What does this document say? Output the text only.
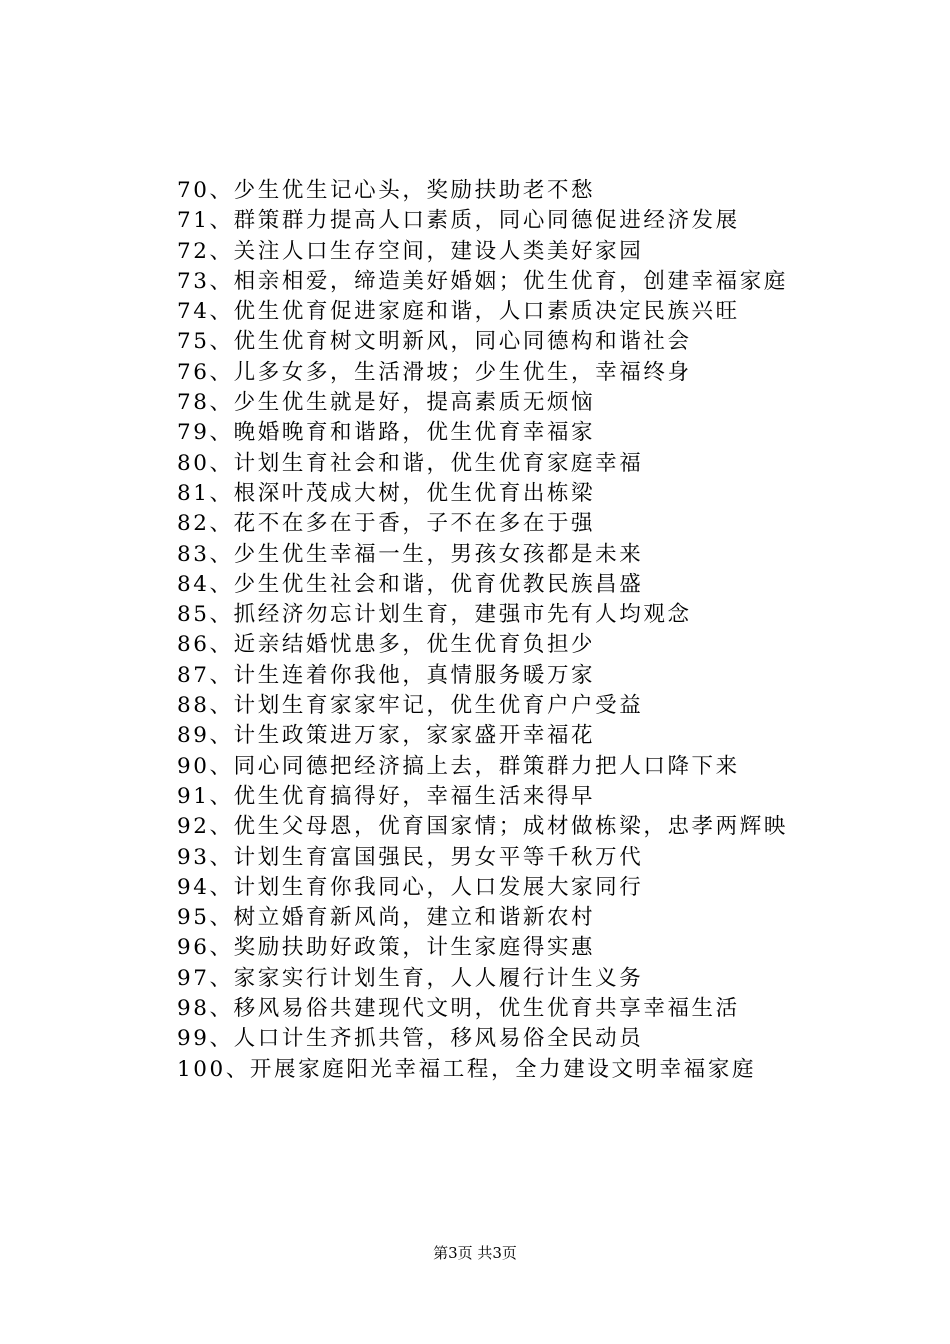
70、少生优生记心头，奖励扶助老不愁
71、群策群力提高人口素质，同心同德促进经济发展
72、关注人口生存空间，建设人类美好家园
73、相亲相爱，缔造美好婚姻；优生优育，创建幸福家庭
74、优生优育促进家庭和谐，人口素质决定民族兴旺
75、优生优育树文明新风，同心同德构和谐社会
76、儿多女多，生活滑坡；少生优生，幸福终身
78、少生优生就是好，提高素质无烦恼
79、晚婚晚育和谐路，优生优育幸福家
80、计划生育社会和谐，优生优育家庭幸福
81、根深叶茂成大树，优生优育出栋梁
82、花不在多在于香，子不在多在于强
83、少生优生幸福一生，男孩女孩都是未来
84、少生优生社会和谐，优育优教民族昌盛
85、抓经济勿忘计划生育，建强市先有人均观念
86、近亲结婚忧患多，优生优育负担少
87、计生连着你我他，真情服务暖万家
88、计划生育家家牢记，优生优育户户受益
89、计生政策进万家，家家盛开幸福花
90、同心同德把经济搞上去，群策群力把人口降下来
91、优生优育搞得好，幸福生活来得早
92、优生父母恩，优育国家情；成材做栋梁，忠孝两辉映
93、计划生育富国强民，男女平等千秋万代
94、计划生育你我同心，人口发展大家同行
95、树立婚育新风尚，建立和谐新农村
96、奖励扶助好政策，计生家庭得实惠
97、家家实行计划生育，人人履行计生义务
98、移风易俗共建现代文明，优生优育共享幸福生活
99、人口计生齐抓共管，移风易俗全民动员
100、开展家庭阳光幸福工程，全力建设文明幸福家庭
第3页 共3页
